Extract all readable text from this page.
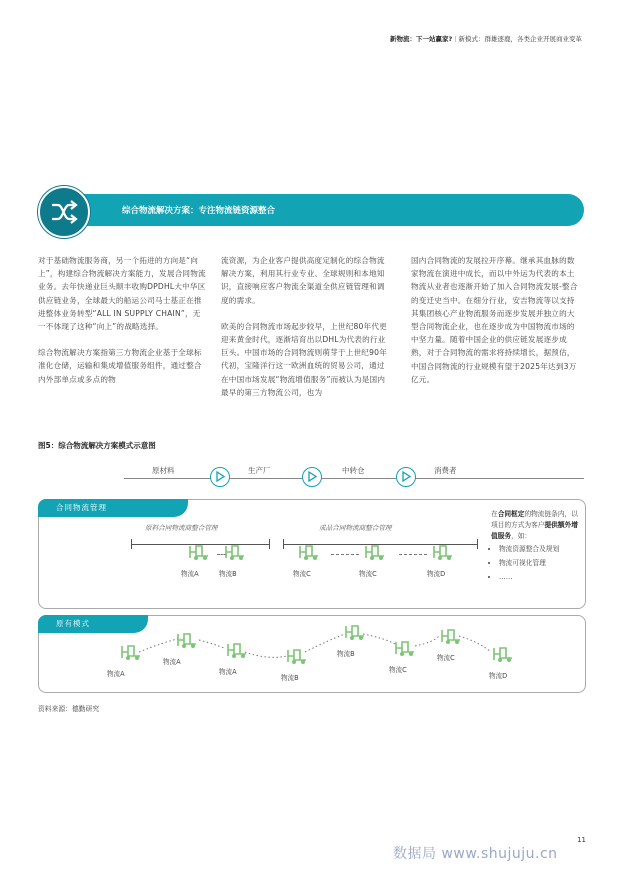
新物流：下一站赢家? | 新模式：群雄逐鹿，各类企业开展商业变革
综合物流解决方案：专注物流链资源整合

对于基础物流服务商，另一个拓进的方向是“向上”，构建综合物流解决方案能力，发展合同物流业务。去年快递业巨头顺丰收购DPDHL大中华区供应链业务，全球最大的船运公司马士基正在推进整体业务转型“ALL IN SUPPLY CHAIN”，无一不体现了这种“向上”的战略选择。

综合物流解决方案指第三方物流企业基于全球标准化仓储，运输和集成增值服务组件，通过整合内外部单点或多点的物

流资源，为企业客户提供高度定制化的综合物流解决方案，利用其行业专业、全球规则和本地知识，直接响应客户物流全渠道全供应链管理和调度的需求。

欧美的合同物流市场起步较早，上世纪80年代更迎来黄金时代，逐渐培育出以DHL为代表的行业巨头。中国市场的合同物流则萌芽于上世纪90年代初，宝隆洋行这一欧洲血统的贸易公司，通过在中国市场发展“物流增值服务”而被认为是国内最早的第三方物流公司，也为

国内合同物流的发展拉开序幕。继承其血脉的数家物流在演进中成长，而以中外运为代表的本土物流从业者也逐渐开始了加入合同物流发展-整合的变迁史当中。在细分行业，安吉物流等以支持其集团核心产业物流服务而逐步发展并独立的大型合同物流企业，也在逐步成为中国物流市场的中坚力量。随着中国企业的供应链发展逐步成熟，对于合同物流的需求将持续增长，据预估，中国合同物流的行业规模有望于2025年达到3万亿元。

图5：综合物流解决方案模式示意图
原材料	生产厂	中转仓	消费者
合同物流管理
原料合同物流商整合管理	成品合同物流商整合管理
物流A	物流B	物流C	物流C	物流D
在合同框定的物流链条内，以项目的方式为客户提供额外增值服务，如：
• 物流资源整合及规划
• 物流可视化管理
• ……
原有模式
物流A
物流A
物流A
物流B
物流B
物流C
物流C
物流D
资料来源：德勤研究
11
数据局 www.shujuju.cn
